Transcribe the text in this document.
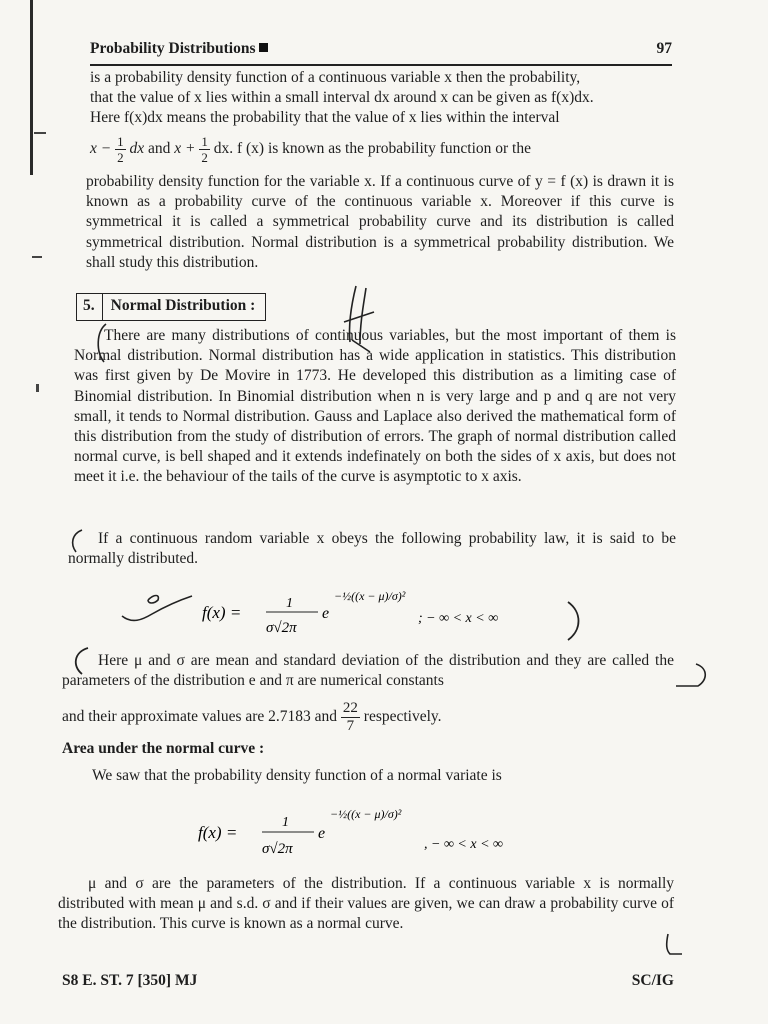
Probability Distributions	97

is a probability density function of a continuous variable x then the probability,

that the value of x lies within a small interval dx around x can be given as f(x)dx.

Here f(x)dx means the probability that the value of x lies within the interval

$x - \frac{1}{2}$ dx and $x + \frac{1}{2}$ dx. f (x) is known as the probability function or the

probability density function for the variable x. If a continuous curve of y = f (x) is drawn it is known as a probability curve of the continuous variable x. Moreover if this curve is symmetrical it is called a symmetrical probability curve and its distribution is called symmetrical distribution. Normal distribution is a symmetrical probability distribution. We shall study this distribution.

5.	Normal Distribution :

There are many distributions of continuous variables, but the most important of them is Normal distribution. Normal distribution has a wide application in statistics. This distribution was first given by De Movire in 1773. He developed this distribution as a limiting case of Binomial distribution. In Binomial distribution when n is very large and p and q are not very small, it tends to Normal distribution. Gauss and Laplace also derived the mathematical form of this distribution from the study of distribution of errors. The graph of normal distribution called normal curve, is bell shaped and it extends indefinately on both the sides of x axis, but does not meet it i.e. the behaviour of the tails of the curve is asymptotic to x axis.

If a continuous random variable x obeys the following probability law, it is said to be normally distributed.

f(x) =	1
σ√2π
e
−½((x − μ)/σ)²
; − ∞ < x < ∞

Here μ and σ are mean and standard deviation of the distribution and they are called the parameters of the distribution e and π are numerical constants

and their approximate values are 2.7183 and $\frac{22}{7}$ respectively.
Area under the normal curve :

We saw that the probability density function of a normal variate is

f(x) =
1
σ√2π
e
−½((x − μ)/σ)²
, − ∞ < x < ∞

μ and σ are the parameters of the distribution. If a continuous variable x is normally distributed with mean μ and s.d. σ and if their values are given, we can draw a probability curve of the distribution. This curve is known as a normal curve.

S8 E. ST. 7 [350] MJ	SC/IG
